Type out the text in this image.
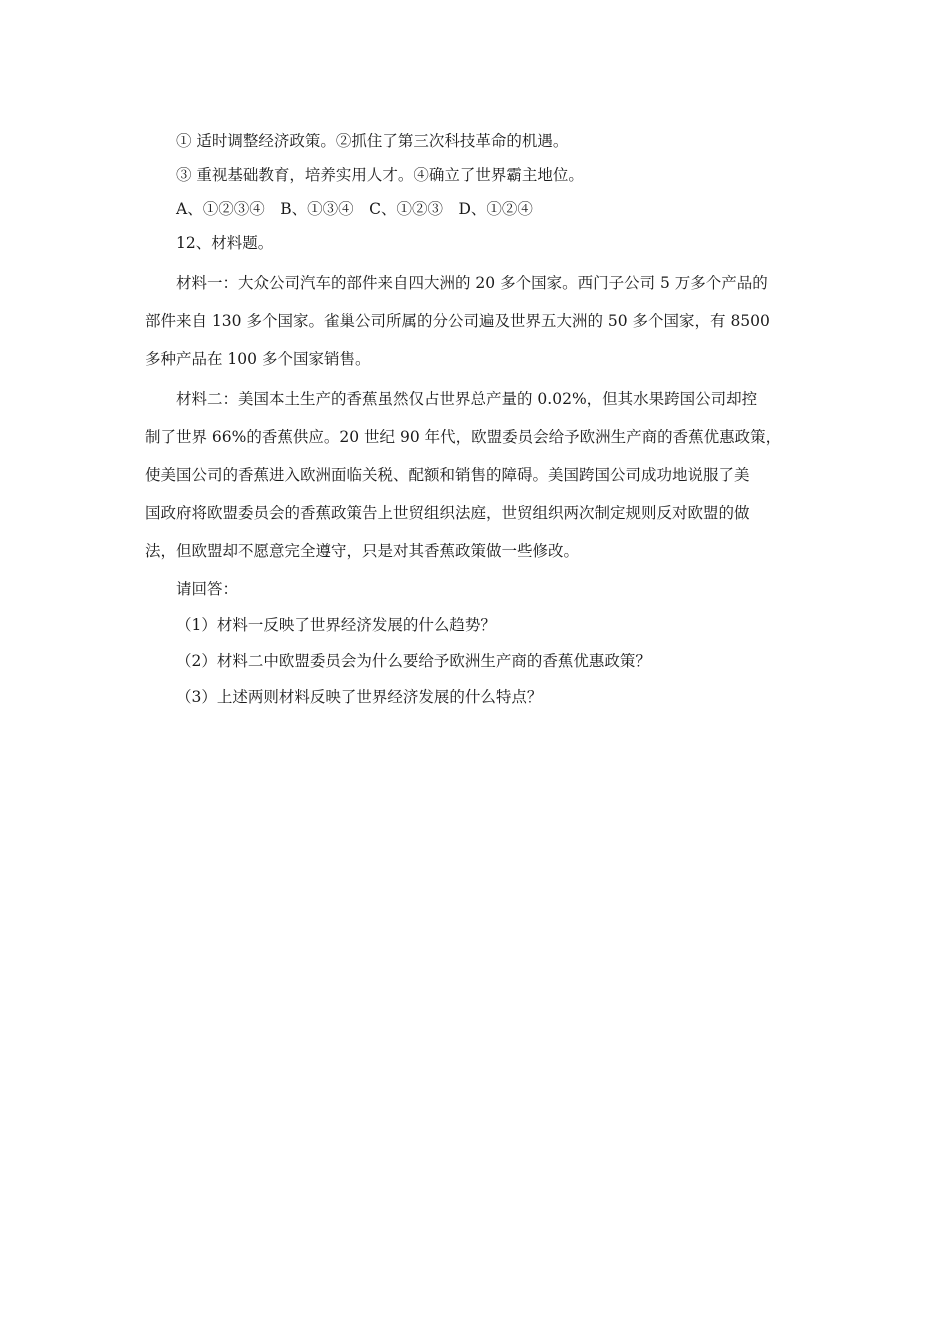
① 适时调整经济政策。②抓住了第三次科技革命的机遇。
③ 重视基础教育，培养实用人才。④确立了世界霸主地位。
A、①②③④　B、①③④　C、①②③　D、①②④
12、材料题。
材料一：大众公司汽车的部件来自四大洲的 20 多个国家。西门子公司 5 万多个产品的
部件来自 130 多个国家。雀巢公司所属的分公司遍及世界五大洲的 50 多个国家，有 8500
多种产品在 100 多个国家销售。
材料二：美国本土生产的香蕉虽然仅占世界总产量的 0.02%，但其水果跨国公司却控
制了世界 66%的香蕉供应。20 世纪 90 年代，欧盟委员会给予欧洲生产商的香蕉优惠政策，
使美国公司的香蕉进入欧洲面临关税、配额和销售的障碍。美国跨国公司成功地说服了美
国政府将欧盟委员会的香蕉政策告上世贸组织法庭，世贸组织两次制定规则反对欧盟的做
法，但欧盟却不愿意完全遵守，只是对其香蕉政策做一些修改。
请回答：
（1）材料一反映了世界经济发展的什么趋势？
（2）材料二中欧盟委员会为什么要给予欧洲生产商的香蕉优惠政策？
（3）上述两则材料反映了世界经济发展的什么特点？
